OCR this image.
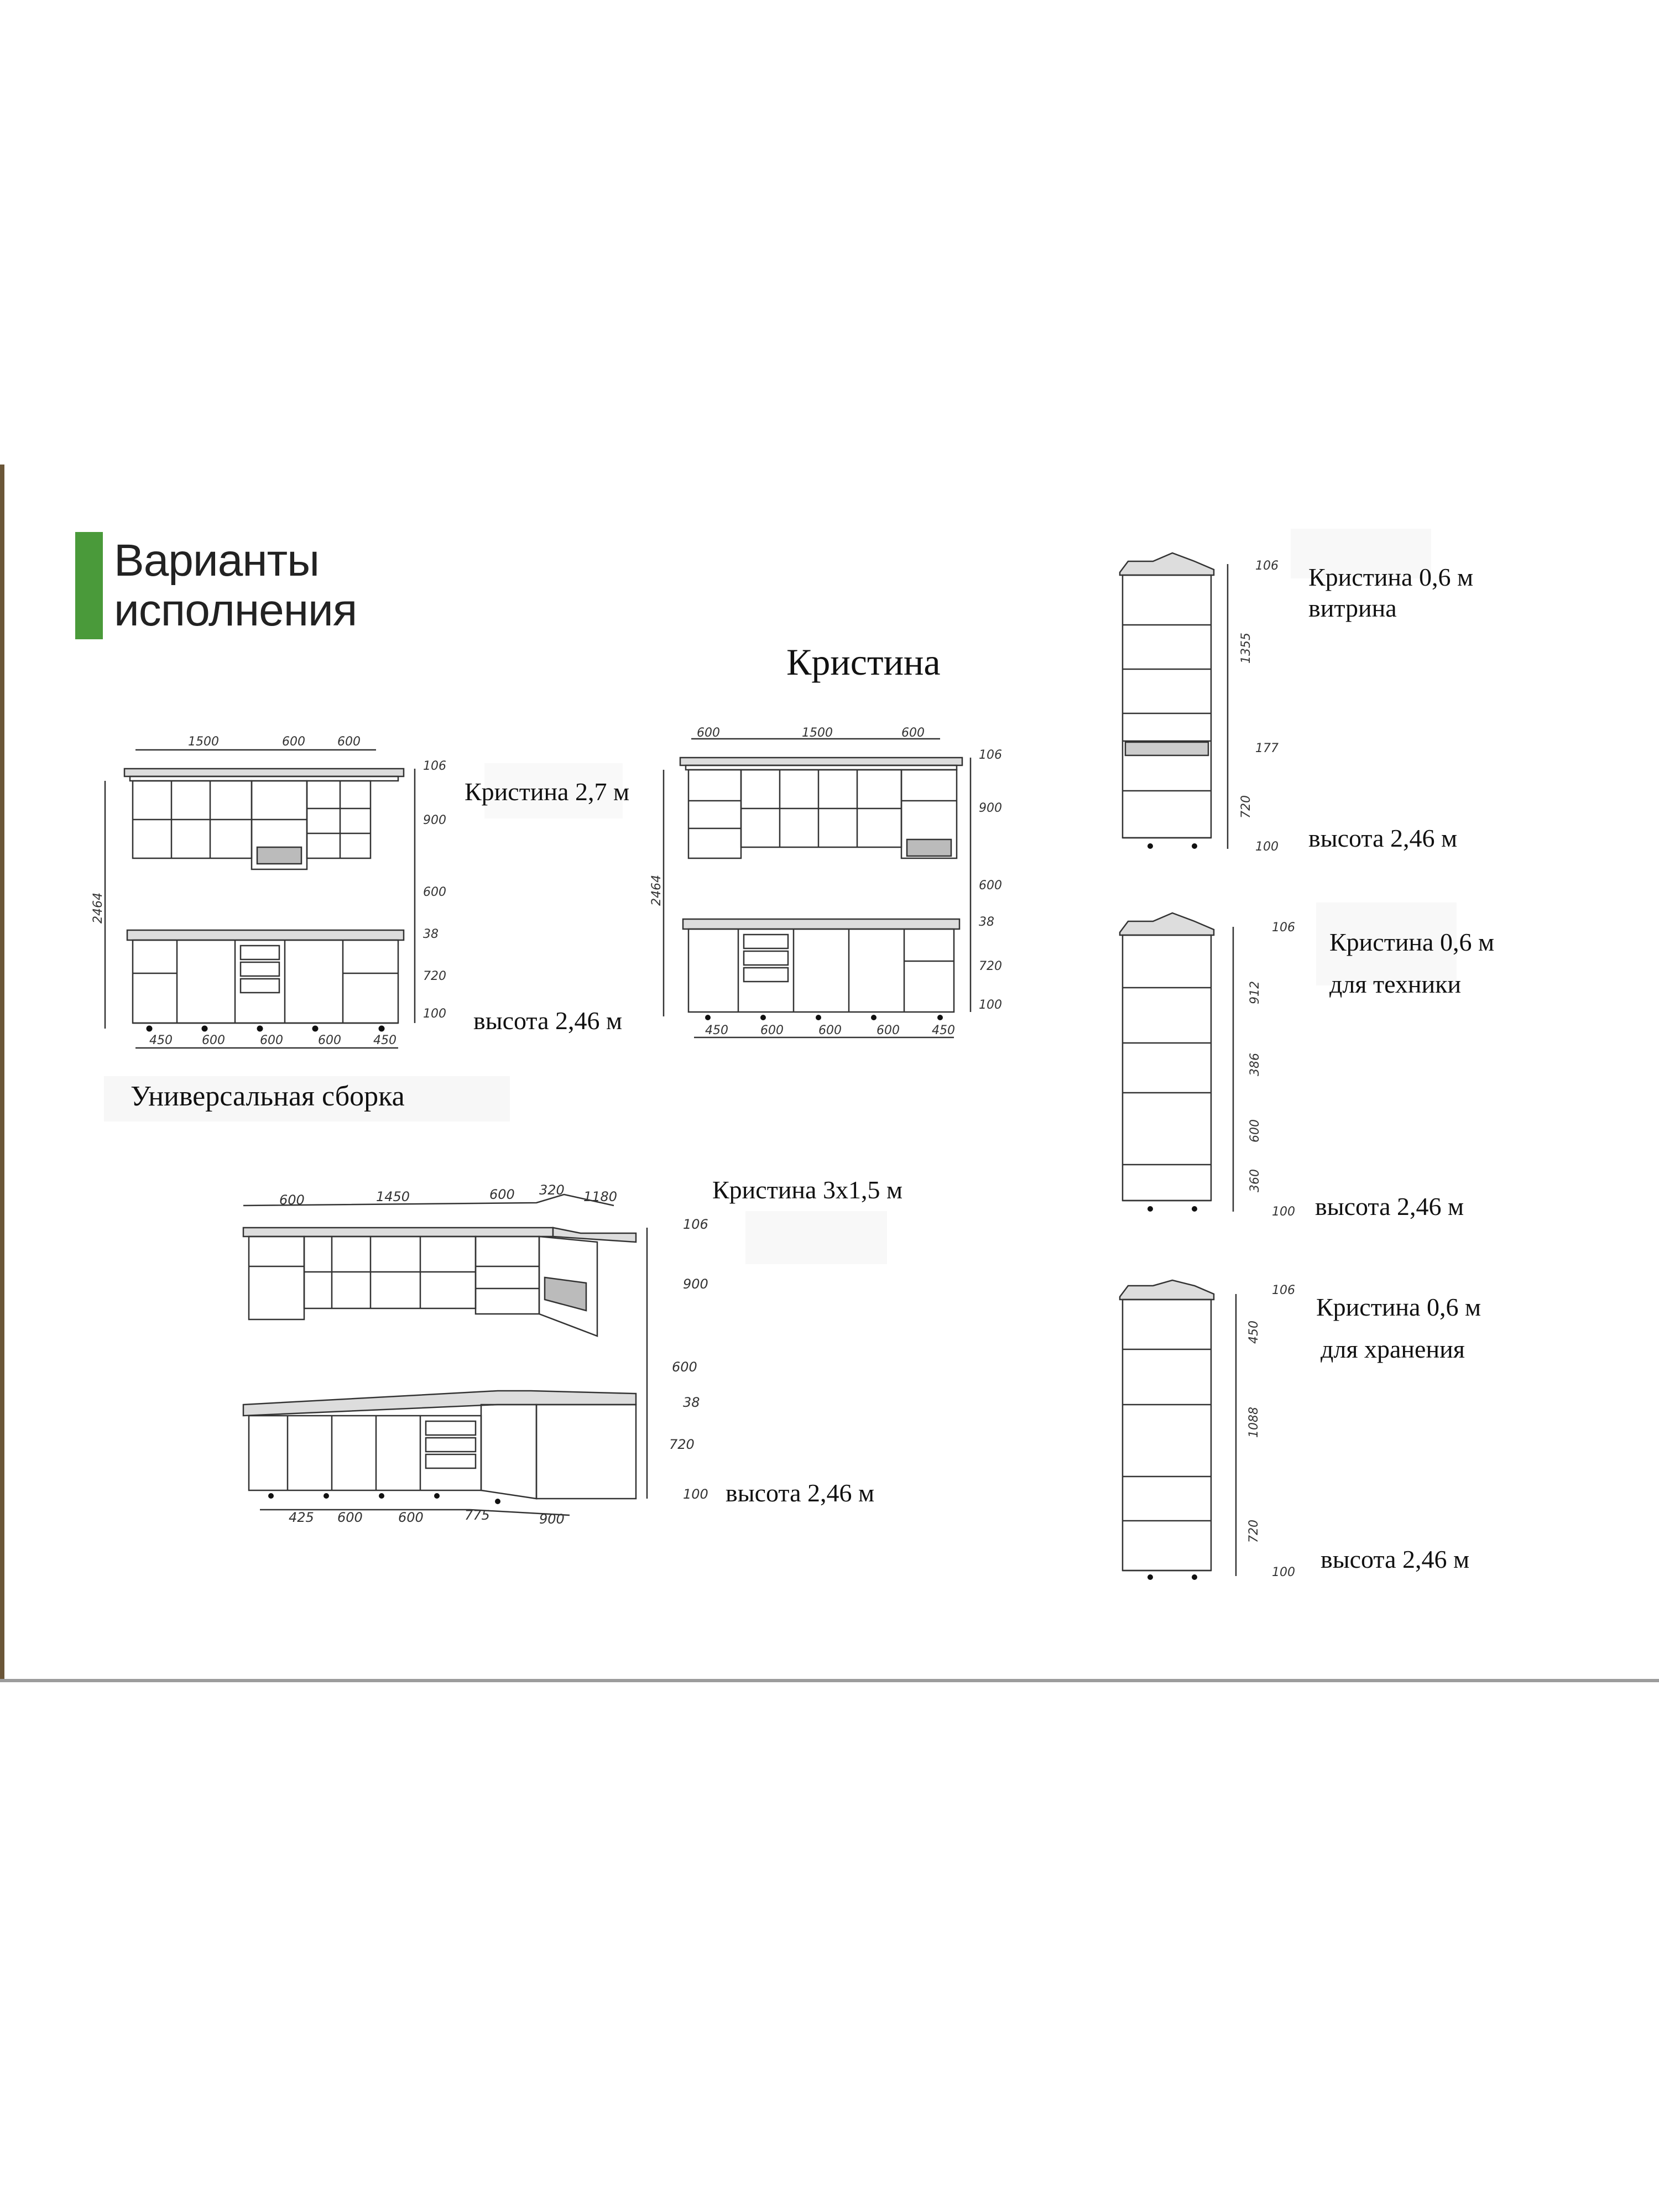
Варианты
исполнения
Кристина
1500	600	600
106
900
600
38
720
100
2464
450 600	600	600	450
Кристина 2,7 м
высота 2,46 м
600	1500	600
106
900
600
38
720
100
2464
450	600	600	600	450
Универсальная сборка
600	1450	600 320 1180
106
900
600
38
720
100
425 600	600	775	900
Кристина 3х1,5 м
высота 2,46 м
106
1355
177
720
100
Кристина 0,6 м
витрина
высота 2,46 м
106
912
386
600
360
100
Кристина 0,6 м
для техники
высота 2,46 м
106
450
1088
720
100
Кристина 0,6 м
для хранения
высота 2,46 м
